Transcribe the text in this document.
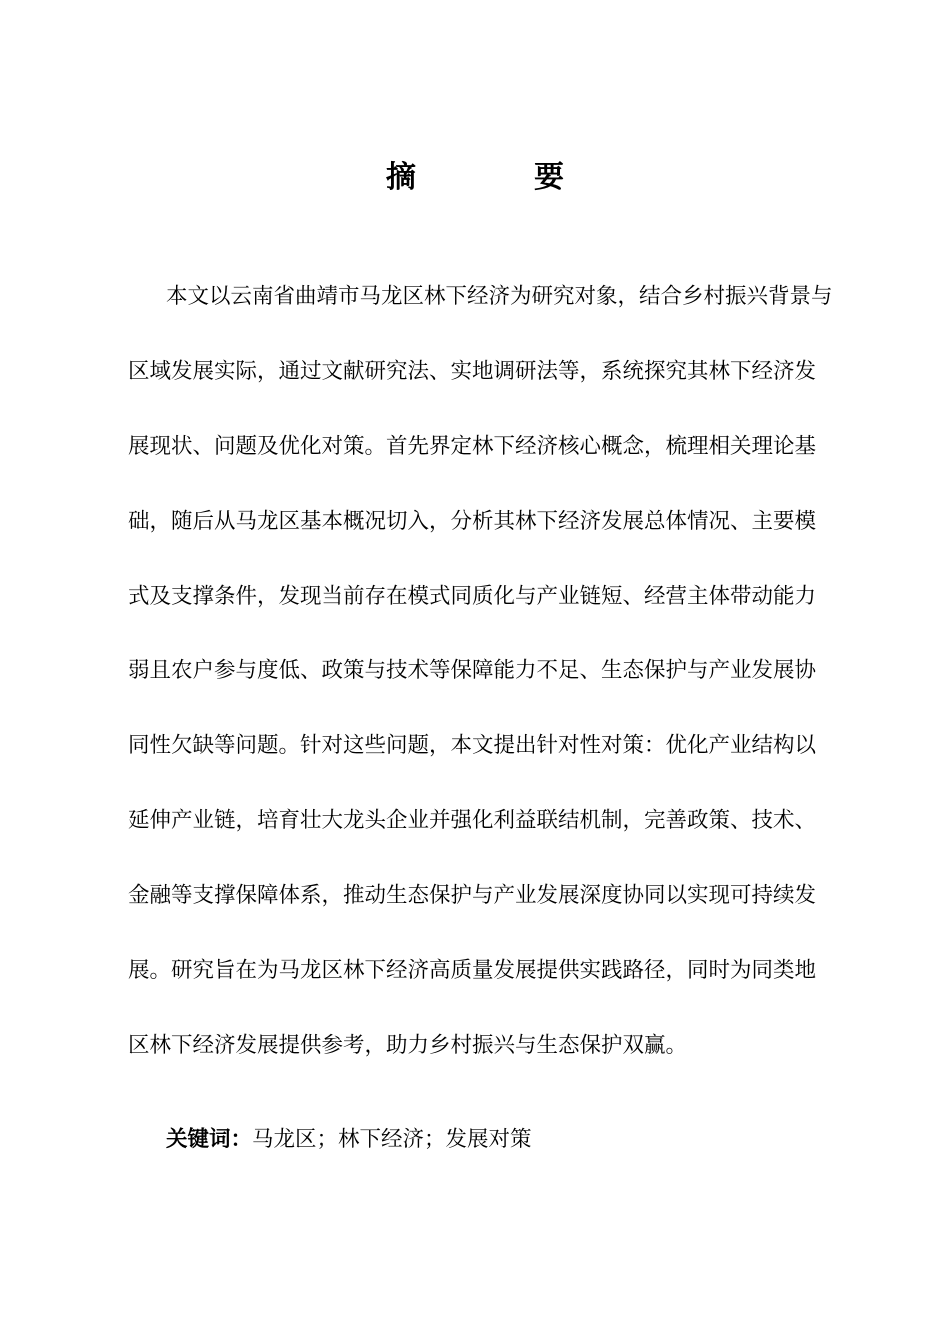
摘　要
本文以云南省曲靖市马龙区林下经济为研究对象，结合乡村振兴背景与
区域发展实际，通过文献研究法、实地调研法等，系统探究其林下经济发
展现状、问题及优化对策。首先界定林下经济核心概念，梳理相关理论基
础，随后从马龙区基本概况切入，分析其林下经济发展总体情况、主要模
式及支撑条件，发现当前存在模式同质化与产业链短、经营主体带动能力
弱且农户参与度低、政策与技术等保障能力不足、生态保护与产业发展协
同性欠缺等问题。针对这些问题，本文提出针对性对策：优化产业结构以
延伸产业链，培育壮大龙头企业并强化利益联结机制，完善政策、技术、
金融等支撑保障体系，推动生态保护与产业发展深度协同以实现可持续发
展。研究旨在为马龙区林下经济高质量发展提供实践路径，同时为同类地
区林下经济发展提供参考，助力乡村振兴与生态保护双赢。
关键词：马龙区；林下经济；发展对策
